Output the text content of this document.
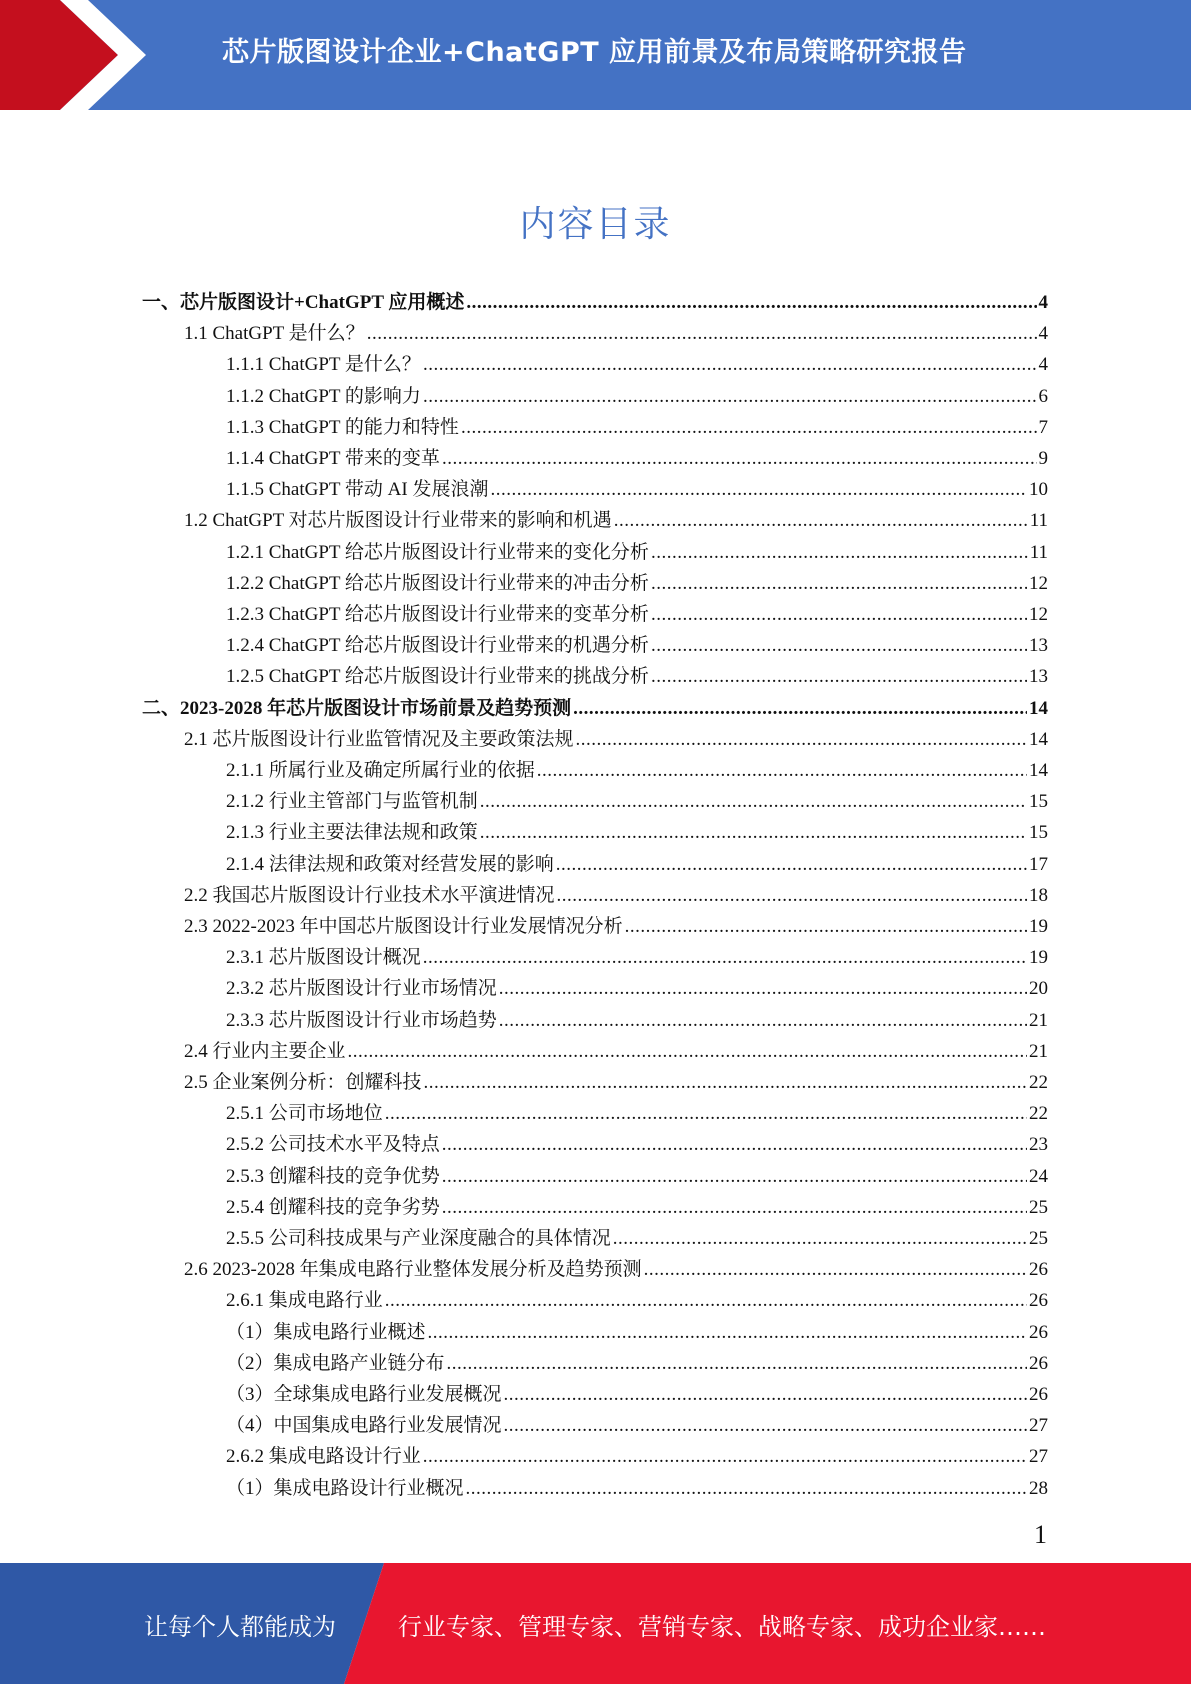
芯片版图设计企业+ChatGPT 应用前景及布局策略研究报告
内容目录
一、芯片版图设计+ChatGPT 应用概述 .....	4
1.1 ChatGPT 是什么？ .....	4
1.1.1 ChatGPT 是什么？ .....	4
1.1.2 ChatGPT 的影响力 .....	6
1.1.3 ChatGPT 的能力和特性 .....	7
1.1.4 ChatGPT 带来的变革 .....	9
1.1.5 ChatGPT 带动 AI 发展浪潮 .....	10
1.2 ChatGPT 对芯片版图设计行业带来的影响和机遇 .....	11
1.2.1 ChatGPT 给芯片版图设计行业带来的变化分析 .....	11
1.2.2 ChatGPT 给芯片版图设计行业带来的冲击分析 .....	12
1.2.3 ChatGPT 给芯片版图设计行业带来的变革分析 .....	12
1.2.4 ChatGPT 给芯片版图设计行业带来的机遇分析 .....	13
1.2.5 ChatGPT 给芯片版图设计行业带来的挑战分析 .....	13
二、2023-2028 年芯片版图设计市场前景及趋势预测 .....	14
2.1 芯片版图设计行业监管情况及主要政策法规 .....	14
2.1.1 所属行业及确定所属行业的依据 .....	14
2.1.2 行业主管部门与监管机制 .....	15
2.1.3 行业主要法律法规和政策 .....	15
2.1.4 法律法规和政策对经营发展的影响 .....	17
2.2 我国芯片版图设计行业技术水平演进情况 .....	18
2.3 2022-2023 年中国芯片版图设计行业发展情况分析 .....	19
2.3.1 芯片版图设计概况 .....	19
2.3.2 芯片版图设计行业市场情况 .....	20
2.3.3 芯片版图设计行业市场趋势 .....	21
2.4 行业内主要企业 .....	21
2.5 企业案例分析：创耀科技 .....	22
2.5.1 公司市场地位 .....	22
2.5.2 公司技术水平及特点 .....	23
2.5.3 创耀科技的竞争优势 .....	24
2.5.4 创耀科技的竞争劣势 .....	25
2.5.5 公司科技成果与产业深度融合的具体情况 .....	25
2.6 2023-2028 年集成电路行业整体发展分析及趋势预测 .....	26
2.6.1 集成电路行业 .....	26
（1）集成电路行业概述 .....	26
（2）集成电路产业链分布 .....	26
（3）全球集成电路行业发展概况 .....	26
（4）中国集成电路行业发展情况 .....	27
2.6.2 集成电路设计行业 .....	27
（1）集成电路设计行业概况 .....	28
1
让每个人都能成为	行业专家、管理专家、营销专家、战略专家、成功企业家……
